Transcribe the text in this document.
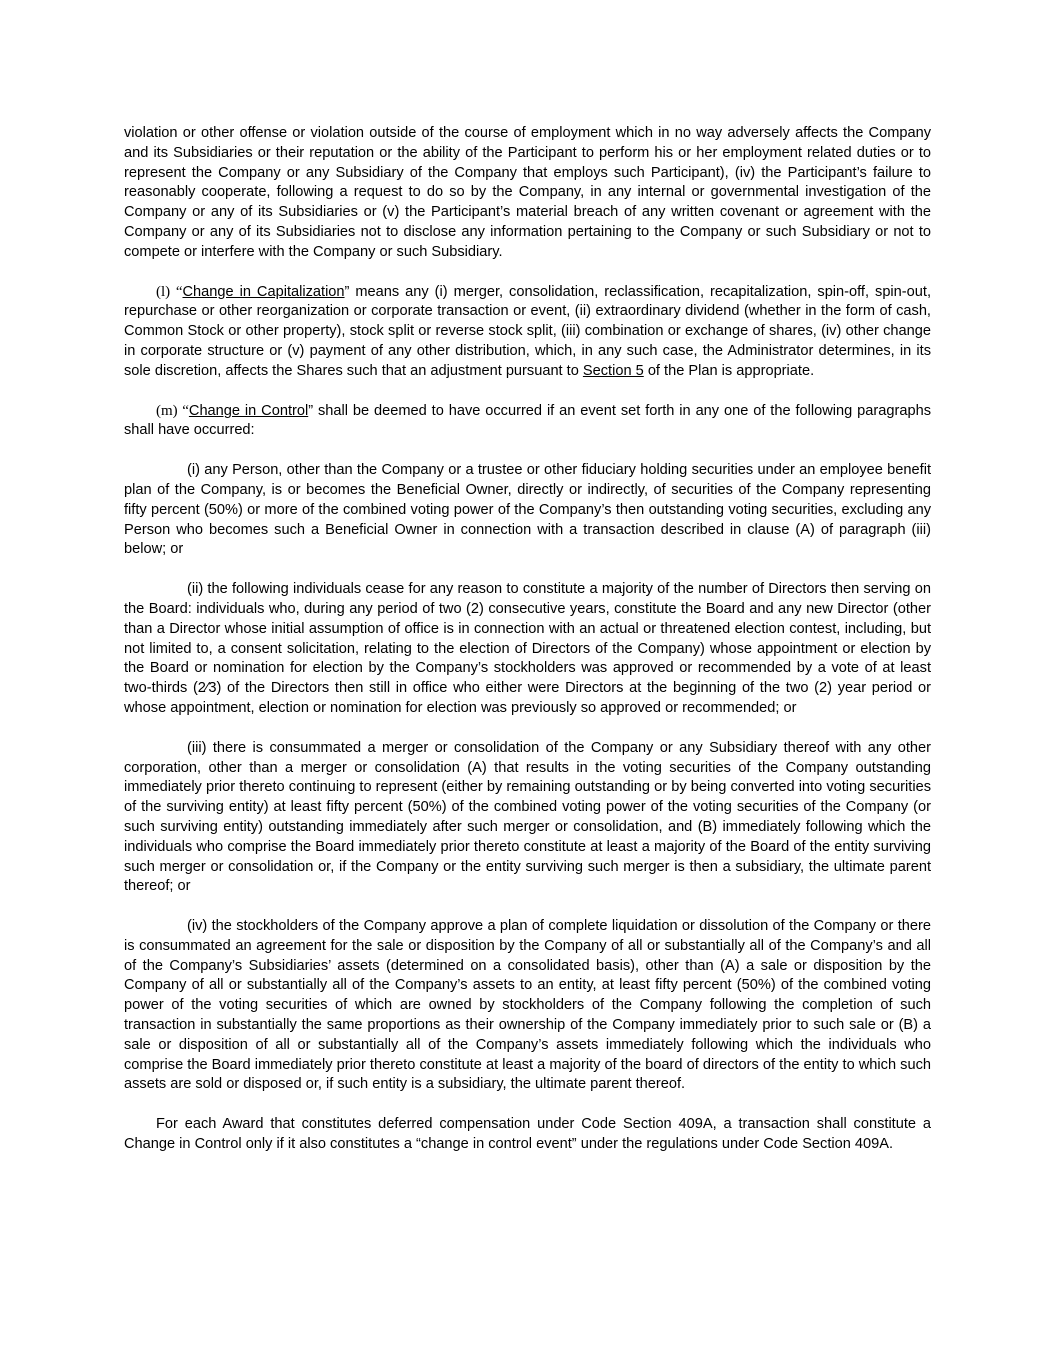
violation or other offense or violation outside of the course of employment which in no way adversely affects the Company and its Subsidiaries or their reputation or the ability of the Participant to perform his or her employment related duties or to represent the Company or any Subsidiary of the Company that employs such Participant), (iv) the Participant’s failure to reasonably cooperate, following a request to do so by the Company, in any internal or governmental investigation of the Company or any of its Subsidiaries or (v) the Participant’s material breach of any written covenant or agreement with the Company or any of its Subsidiaries not to disclose any information pertaining to the Company or such Subsidiary or not to compete or interfere with the Company or such Subsidiary.

(l) “Change in Capitalization” means any (i) merger, consolidation, reclassification, recapitalization, spin-off, spin-out, repurchase or other reorganization or corporate transaction or event, (ii) extraordinary dividend (whether in the form of cash, Common Stock or other property), stock split or reverse stock split, (iii) combination or exchange of shares, (iv) other change in corporate structure or (v) payment of any other distribution, which, in any such case, the Administrator determines, in its sole discretion, affects the Shares such that an adjustment pursuant to Section 5 of the Plan is appropriate.

(m) “Change in Control” shall be deemed to have occurred if an event set forth in any one of the following paragraphs shall have occurred:

(i) any Person, other than the Company or a trustee or other fiduciary holding securities under an employee benefit plan of the Company, is or becomes the Beneficial Owner, directly or indirectly, of securities of the Company representing fifty percent (50%) or more of the combined voting power of the Company’s then outstanding voting securities, excluding any Person who becomes such a Beneficial Owner in connection with a transaction described in clause (A) of paragraph (iii) below; or

(ii) the following individuals cease for any reason to constitute a majority of the number of Directors then serving on the Board: individuals who, during any period of two (2) consecutive years, constitute the Board and any new Director (other than a Director whose initial assumption of office is in connection with an actual or threatened election contest, including, but not limited to, a consent solicitation, relating to the election of Directors of the Company) whose appointment or election by the Board or nomination for election by the Company’s stockholders was approved or recommended by a vote of at least two-thirds (2⁄3) of the Directors then still in office who either were Directors at the beginning of the two (2) year period or whose appointment, election or nomination for election was previously so approved or recommended; or

(iii) there is consummated a merger or consolidation of the Company or any Subsidiary thereof with any other corporation, other than a merger or consolidation (A) that results in the voting securities of the Company outstanding immediately prior thereto continuing to represent (either by remaining outstanding or by being converted into voting securities of the surviving entity) at least fifty percent (50%) of the combined voting power of the voting securities of the Company (or such surviving entity) outstanding immediately after such merger or consolidation, and (B) immediately following which the individuals who comprise the Board immediately prior thereto constitute at least a majority of the Board of the entity surviving such merger or consolidation or, if the Company or the entity surviving such merger is then a subsidiary, the ultimate parent thereof; or

(iv) the stockholders of the Company approve a plan of complete liquidation or dissolution of the Company or there is consummated an agreement for the sale or disposition by the Company of all or substantially all of the Company’s and all of the Company’s Subsidiaries’ assets (determined on a consolidated basis), other than (A) a sale or disposition by the Company of all or substantially all of the Company’s assets to an entity, at least fifty percent (50%) of the combined voting power of the voting securities of which are owned by stockholders of the Company following the completion of such transaction in substantially the same proportions as their ownership of the Company immediately prior to such sale or (B) a sale or disposition of all or substantially all of the Company’s assets immediately following which the individuals who comprise the Board immediately prior thereto constitute at least a majority of the board of directors of the entity to which such assets are sold or disposed or, if such entity is a subsidiary, the ultimate parent thereof.

For each Award that constitutes deferred compensation under Code Section 409A, a transaction shall constitute a Change in Control only if it also constitutes a “change in control event” under the regulations under Code Section 409A.
